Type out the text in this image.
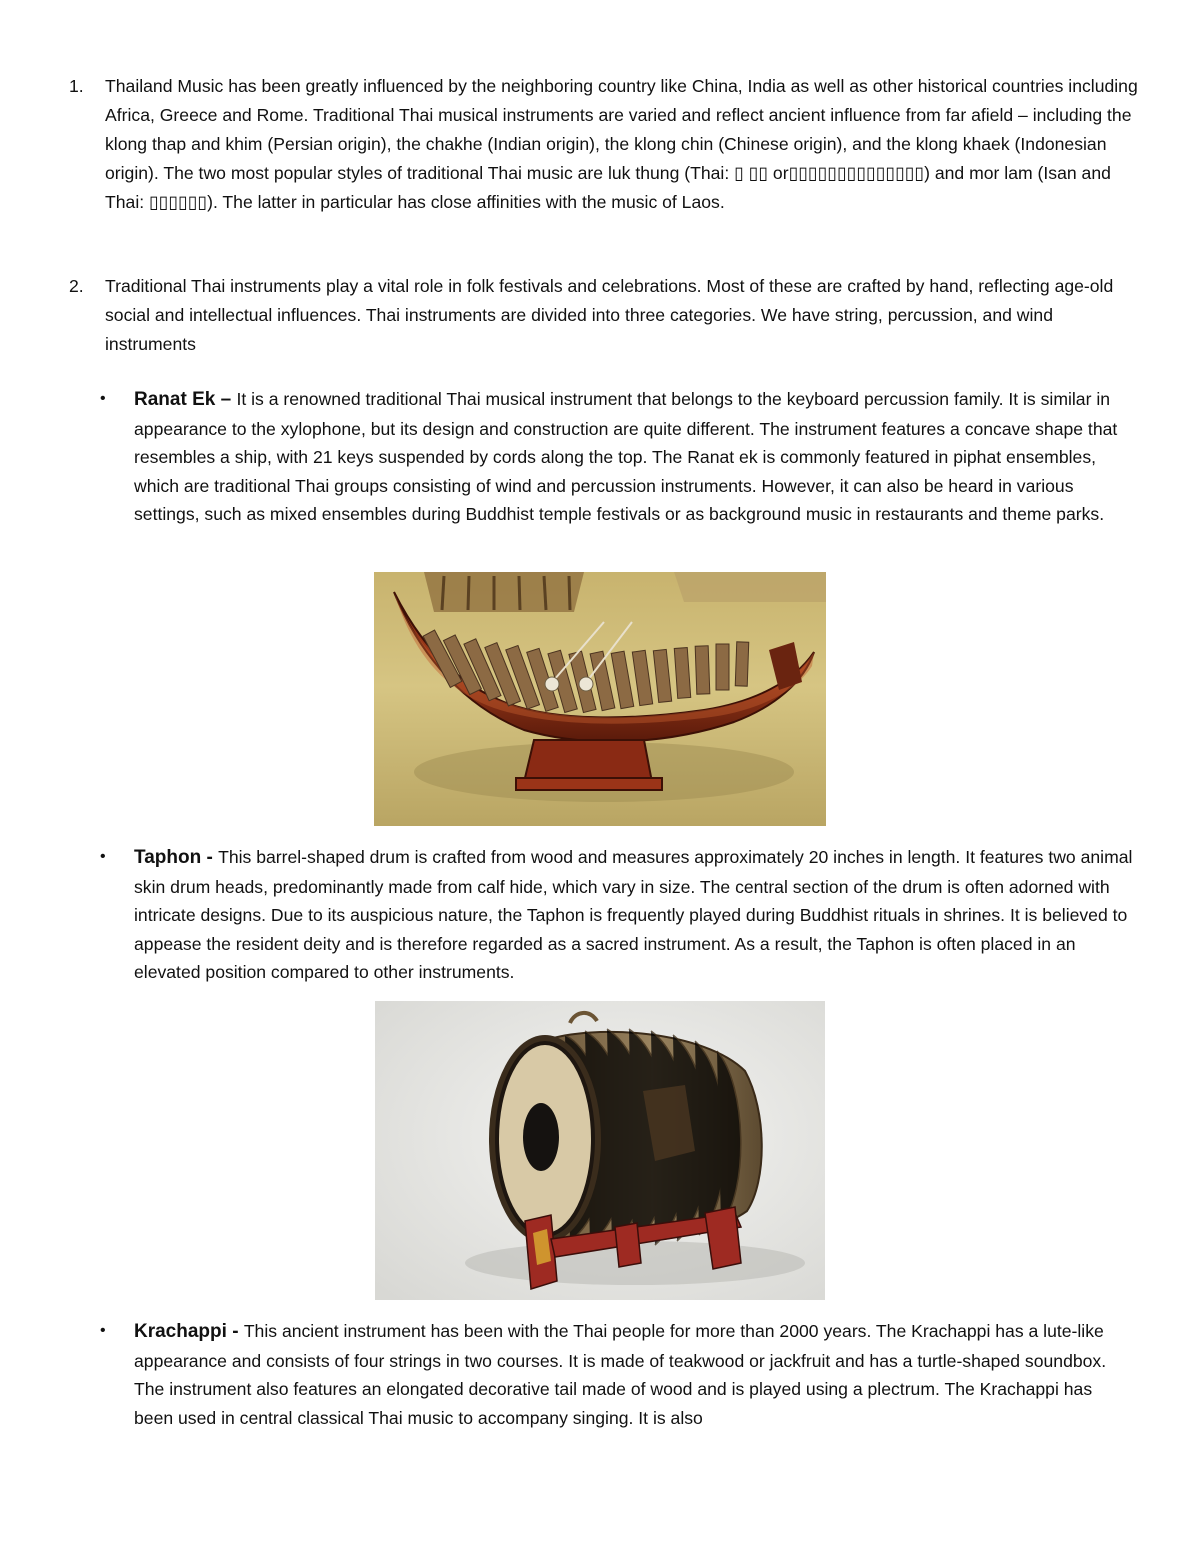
1. Thailand Music has been greatly influenced by the neighboring country like China, India as well as other historical countries including Africa, Greece and Rome. Traditional Thai musical instruments are varied and reflect ancient influence from far afield – including the klong thap and khim (Persian origin), the chakhe (Indian origin), the klong chin (Chinese origin), and the klong khaek (Indonesian origin). The two most popular styles of traditional Thai music are luk thung (Thai: ▯ ▯▯ or▯▯▯▯▯▯▯▯▯▯▯▯▯▯) and mor lam (Isan and Thai: ▯▯▯▯▯▯). The latter in particular has close affinities with the music of Laos.
2. Traditional Thai instruments play a vital role in folk festivals and celebrations. Most of these are crafted by hand, reflecting age-old social and intellectual influences. Thai instruments are divided into three categories. We have string, percussion, and wind instruments
• Ranat Ek – It is a renowned traditional Thai musical instrument that belongs to the keyboard percussion family. It is similar in appearance to the xylophone, but its design and construction are quite different. The instrument features a concave shape that resembles a ship, with 21 keys suspended by cords along the top. The Ranat ek is commonly featured in piphat ensembles, which are traditional Thai groups consisting of wind and percussion instruments. However, it can also be heard in various settings, such as mixed ensembles during Buddhist temple festivals or as background music in restaurants and theme parks.
• Taphon - This barrel-shaped drum is crafted from wood and measures approximately 20 inches in length. It features two animal skin drum heads, predominantly made from calf hide, which vary in size. The central section of the drum is often adorned with intricate designs. Due to its auspicious nature, the Taphon is frequently played during Buddhist rituals in shrines. It is believed to appease the resident deity and is therefore regarded as a sacred instrument. As a result, the Taphon is often placed in an elevated position compared to other instruments.
• Krachappi - This ancient instrument has been with the Thai people for more than 2000 years. The Krachappi has a lute-like appearance and consists of four strings in two courses. It is made of teakwood or jackfruit and has a turtle-shaped soundbox. The instrument also features an elongated decorative tail made of wood and is played using a plectrum. The Krachappi has been used in central classical Thai music to accompany singing. It is also
